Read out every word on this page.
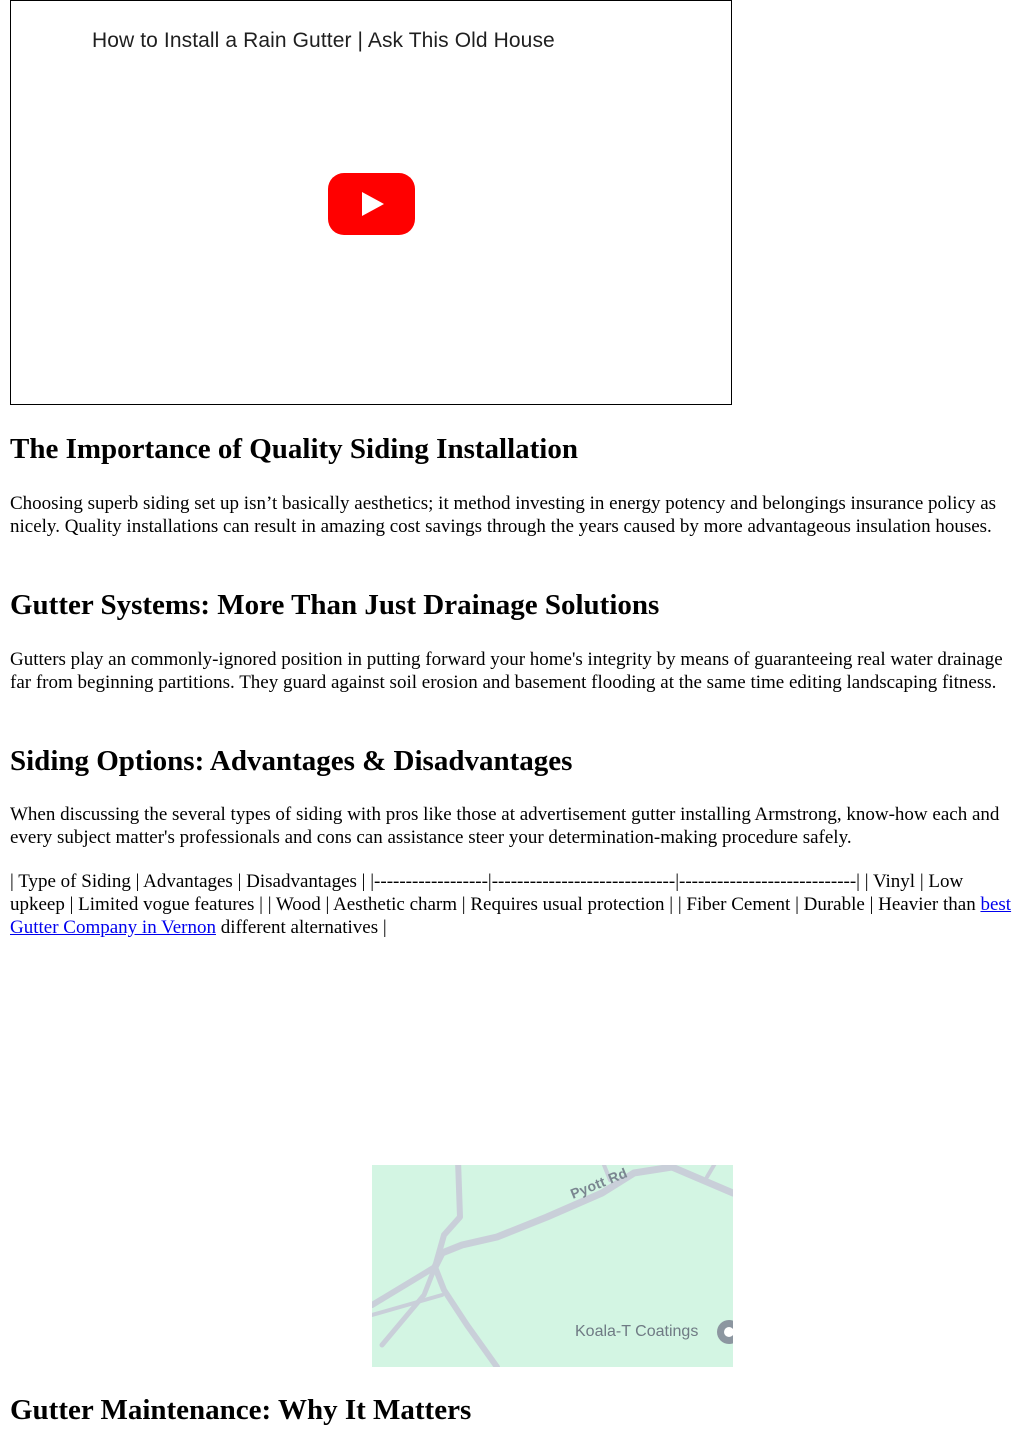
How to Install a Rain Gutter | Ask This Old House
The Importance of Quality Siding Installation

Choosing superb siding set up isn’t basically aesthetics; it method investing in energy potency and belongings insurance policy as nicely. Quality installations can result in amazing cost savings through the years caused by more advantageous insulation houses.

Gutter Systems: More Than Just Drainage Solutions

Gutters play an commonly-ignored position in putting forward your home's integrity by means of guaranteeing real water drainage far from beginning partitions. They guard against soil erosion and basement flooding at the same time editing landscaping fitness.

Siding Options: Advantages & Disadvantages

When discussing the several types of siding with pros like those at advertisement gutter installing Armstrong, know-how each and every subject matter's professionals and cons can assistance steer your determination-making procedure safely.

| Type of Siding | Advantages | Disadvantages | |------------------|-----------------------------|----------------------------| | Vinyl | Low upkeep | Limited vogue features | | Wood | Aesthetic charm | Requires usual protection | | Fiber Cement | Durable | Heavier than best Gutter Company in Vernon different alternatives |

Pyott Rd
Koala-T Coatings
Gutter Maintenance: Why It Matters
